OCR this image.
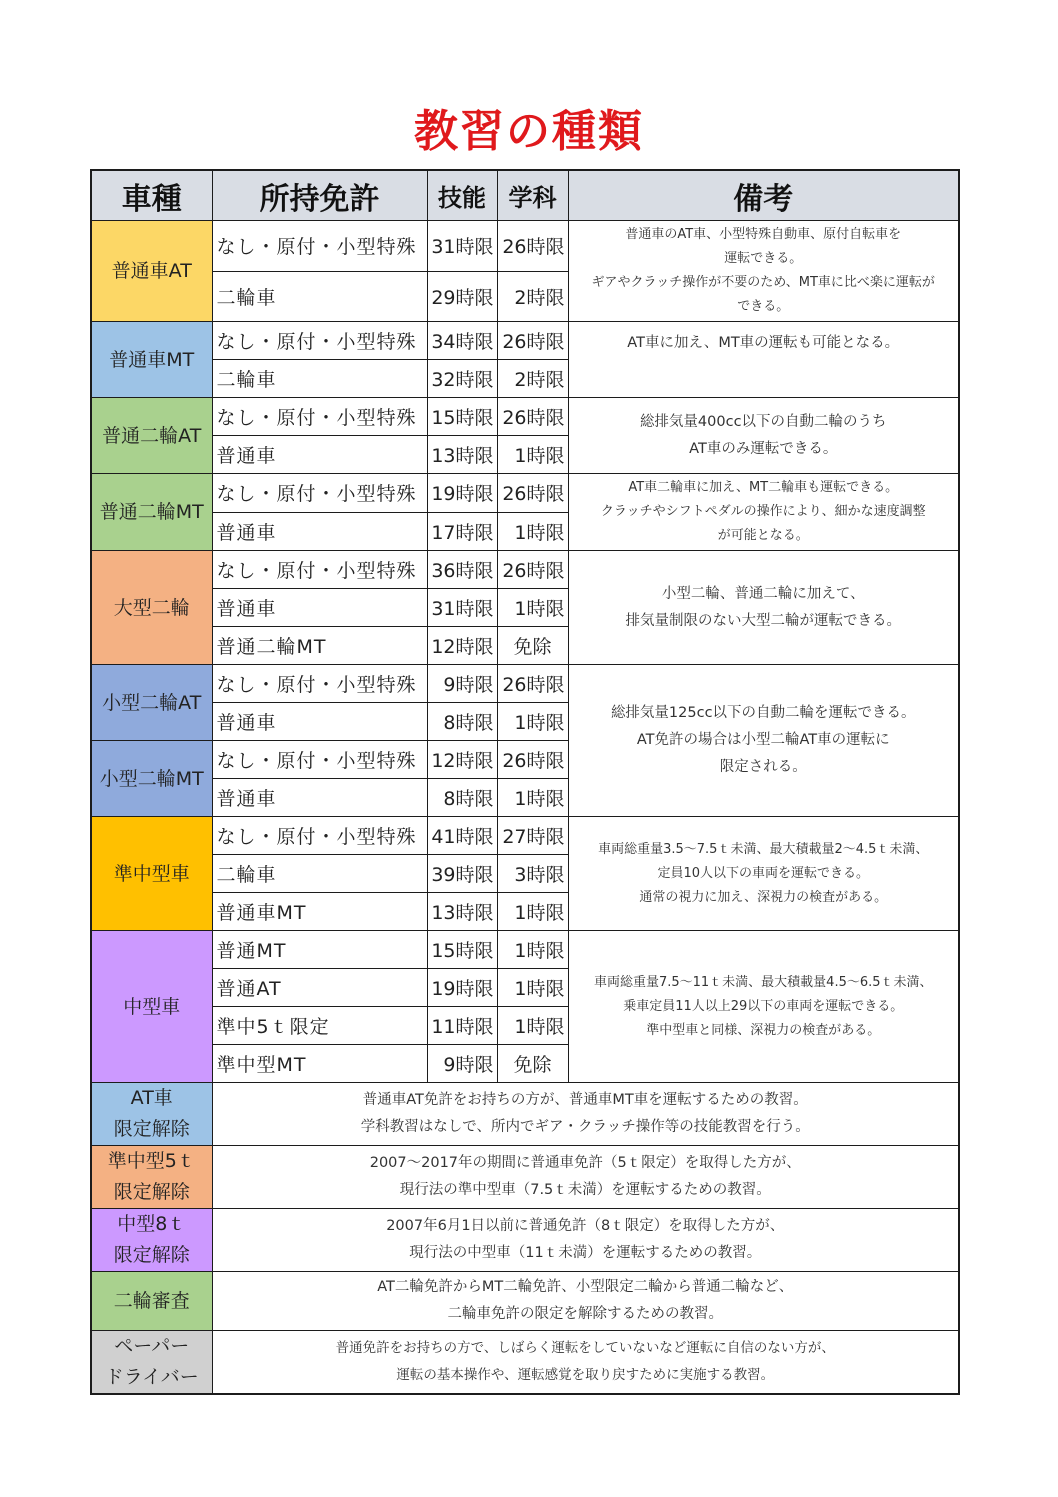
教習の種類
車種	所持免許	技能	学科	備考
普通車AT	なし・原付・小型特殊	31時限	26時限	普通車のAT車、小型特殊自動車、原付自転車を
運転できる。
ギアやクラッチ操作が不要のため、MT車に比べ楽に運転が
できる。

	二輪車	29時限	2時限	
普通車MT	なし・原付・小型特殊	34時限	26時限	AT車に加え、MT車の運転も可能となる。

	二輪車	32時限	2時限	
普通二輪AT	なし・原付・小型特殊	15時限	26時限	総排気量400cc以下の自動二輪のうち
AT車のみ運転できる。

	普通車	13時限	1時限	
普通二輪MT	なし・原付・小型特殊	19時限	26時限	AT車二輪車に加え、MT二輪車も運転できる。
クラッチやシフトペダルの操作により、細かな速度調整
が可能となる。

	普通車	17時限	1時限	
大型二輪	なし・原付・小型特殊	36時限	26時限	小型二輪、普通二輪に加えて、
排気量制限のない大型二輪が運転できる。

	普通車	31時限	1時限	
	普通二輪MT	12時限	免除	
小型二輪AT	なし・原付・小型特殊	9時限	26時限	総排気量125cc以下の自動二輪を運転できる。
AT免許の場合は小型二輪AT車の運転に
限定される。

	普通車	8時限	1時限	
小型二輪MT	なし・原付・小型特殊	12時限	26時限	
	普通車	8時限	1時限	
準中型車	なし・原付・小型特殊	41時限	27時限	車両総重量3.5～7.5ｔ未満、最大積載量2～4.5ｔ未満、
定員10人以下の車両を運転できる。
通常の視力に加え、深視力の検査がある。

	二輪車	39時限	3時限	
	普通車MT	13時限	1時限	
中型車	普通MT	15時限	1時限	車両総重量7.5～11ｔ未満、最大積載量4.5～6.5ｔ未満、
乗車定員11人以上29以下の車両を運転できる。
準中型車と同様、深視力の検査がある。

	普通AT	19時限	1時限	
	準中5ｔ限定	11時限	1時限	
	準中型MT	9時限	免除	

AT車
限定解除	普通車AT免許をお持ちの方が、普通車MT車を運転するための教習。
学科教習はなしで、所内でギア・クラッチ操作等の技能教習を行う。			

準中型5ｔ
限定解除	2007～2017年の期間に普通車免許（5ｔ限定）を取得した方が、
現行法の準中型車（7.5ｔ未満）を運転するための教習。			

中型8ｔ
限定解除	2007年6月1日以前に普通免許（8ｔ限定）を取得した方が、
現行法の中型車（11ｔ未満）を運転するための教習。			

二輪審査	AT二輪免許からMT二輪免許、小型限定二輪から普通二輪など、
二輪車免許の限定を解除するための教習。			

ペーパー
ドライバー	普通免許をお持ちの方で、しばらく運転をしていないなど運転に自信のない方が、
運転の基本操作や、運転感覚を取り戻すために実施する教習。			
